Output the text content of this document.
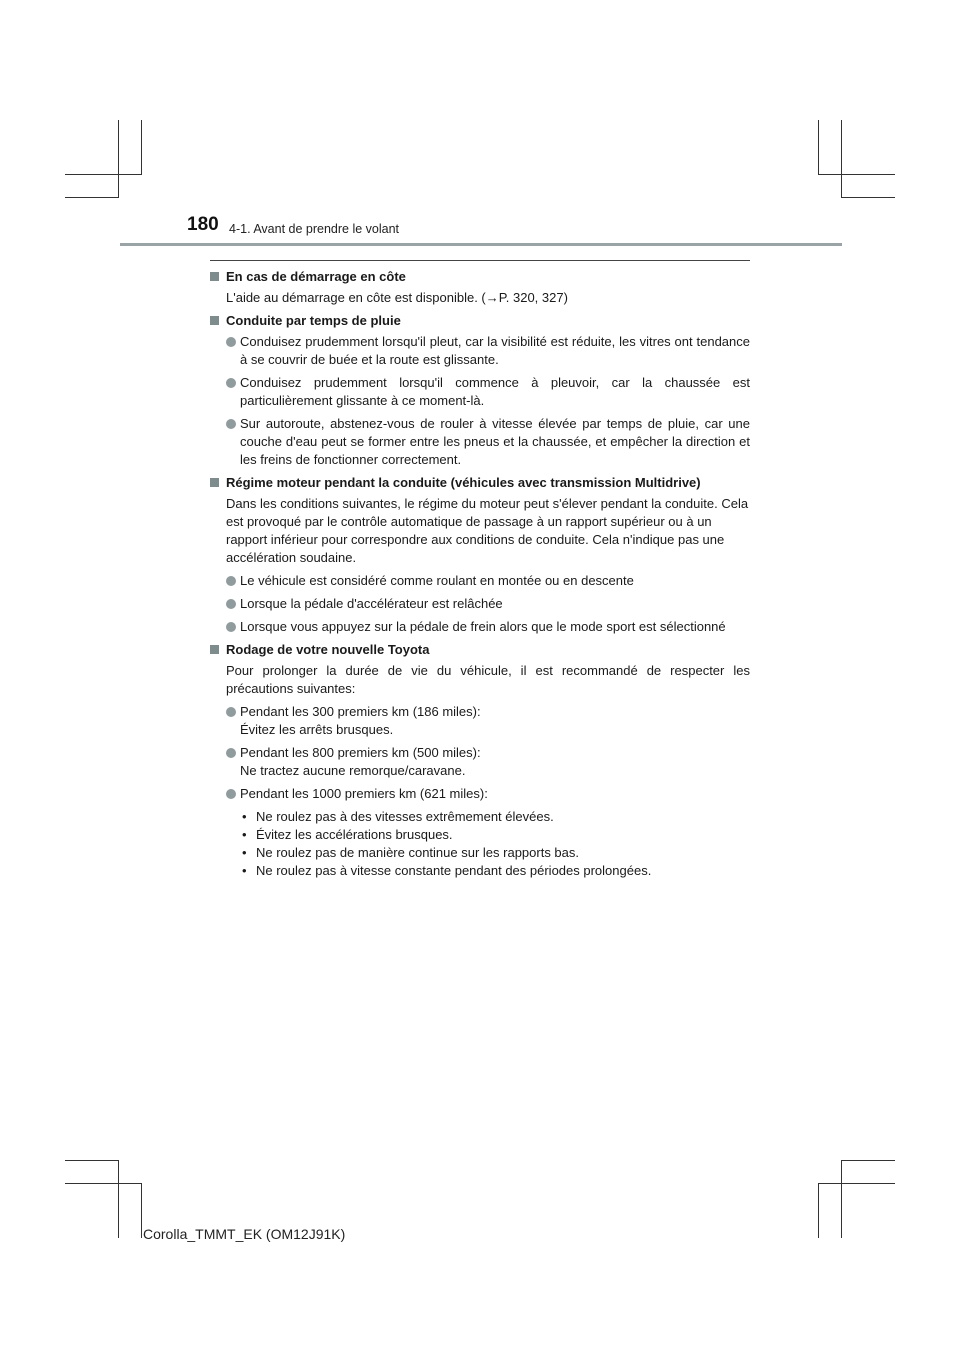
180 4-1. Avant de prendre le volant
En cas de démarrage en côte

L'aide au démarrage en côte est disponible. (→P. 320, 327)

Conduite par temps de pluie
Conduisez prudemment lorsqu'il pleut, car la visibilité est réduite, les vitres ont tendance à se couvrir de buée et la route est glissante.
Conduisez prudemment lorsqu'il commence à pleuvoir, car la chaussée est particulièrement glissante à ce moment-là.
Sur autoroute, abstenez-vous de rouler à vitesse élevée par temps de pluie, car une couche d'eau peut se former entre les pneus et la chaussée, et empêcher la direction et les freins de fonctionner correctement.
Régime moteur pendant la conduite (véhicules avec transmission Multidrive)

Dans les conditions suivantes, le régime du moteur peut s'élever pendant la conduite. Cela est provoqué par le contrôle automatique de passage à un rapport supérieur ou à un rapport inférieur pour correspondre aux conditions de conduite. Cela n'indique pas une accélération soudaine.

Le véhicule est considéré comme roulant en montée ou en descente
Lorsque la pédale d'accélérateur est relâchée
Lorsque vous appuyez sur la pédale de frein alors que le mode sport est sélectionné
Rodage de votre nouvelle Toyota

Pour prolonger la durée de vie du véhicule, il est recommandé de respecter les précautions suivantes:

Pendant les 300 premiers km (186 miles):
Évitez les arrêts brusques.
Pendant les 800 premiers km (500 miles):
Ne tractez aucune remorque/caravane.
Pendant les 1000 premiers km (621 miles):
• Ne roulez pas à des vitesses extrêmement élevées.
• Évitez les accélérations brusques.
• Ne roulez pas de manière continue sur les rapports bas.
• Ne roulez pas à vitesse constante pendant des périodes prolongées.
Corolla_TMMT_EK (OM12J91K)
